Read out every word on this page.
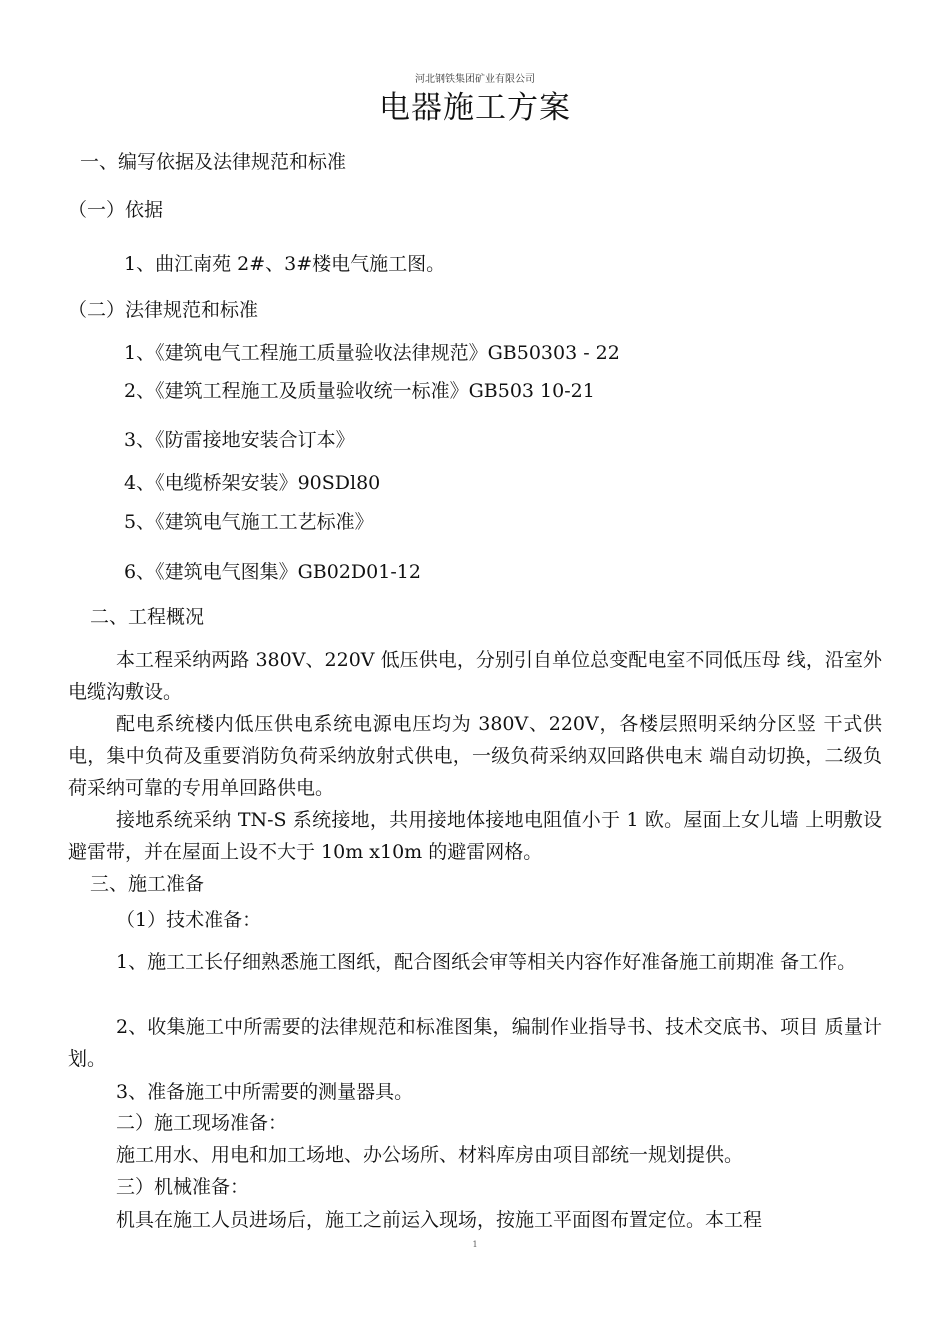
河北钢铁集团矿业有限公司
电器施工方案
一、编写依据及法律规范和标准
（一）依据
1、曲江南苑 2#、3#楼电气施工图。
（二）法律规范和标准
1、《建筑电气工程施工质量验收法律规范》GB50303 - 22
2、《建筑工程施工及质量验收统一标准》GB503 10-21
3、《防雷接地安装合订本》
4、《电缆桥架安装》90SDl80
5、《建筑电气施工工艺标准》
6、《建筑电气图集》GB02D01-12
二、工程概况
本工程采纳两路 380V、220V 低压供电，分别引自单位总变配电室不同低压母 线，沿室外电缆沟敷设。
配电系统楼内低压供电系统电源电压均为 380V、220V，各楼层照明采纳分区竖 干式供电，集中负荷及重要消防负荷采纳放射式供电，一级负荷采纳双回路供电末 端自动切换，二级负荷采纳可靠的专用单回路供电。
接地系统采纳 TN-S 系统接地，共用接地体接地电阻值小于 1 欧。屋面上女儿墙 上明敷设避雷带，并在屋面上设不大于 10m x10m 的避雷网格。
三、施工准备
（1）技术准备：
1、施工工长仔细熟悉施工图纸，配合图纸会审等相关内容作好准备施工前期准 备工作。
2、收集施工中所需要的法律规范和标准图集，编制作业指导书、技术交底书、项目 质量计划。
3、准备施工中所需要的测量器具。
二）施工现场准备：
施工用水、用电和加工场地、办公场所、材料库房由项目部统一规划提供。
三）机械准备：
机具在施工人员进场后，施工之前运入现场，按施工平面图布置定位。本工程
1
